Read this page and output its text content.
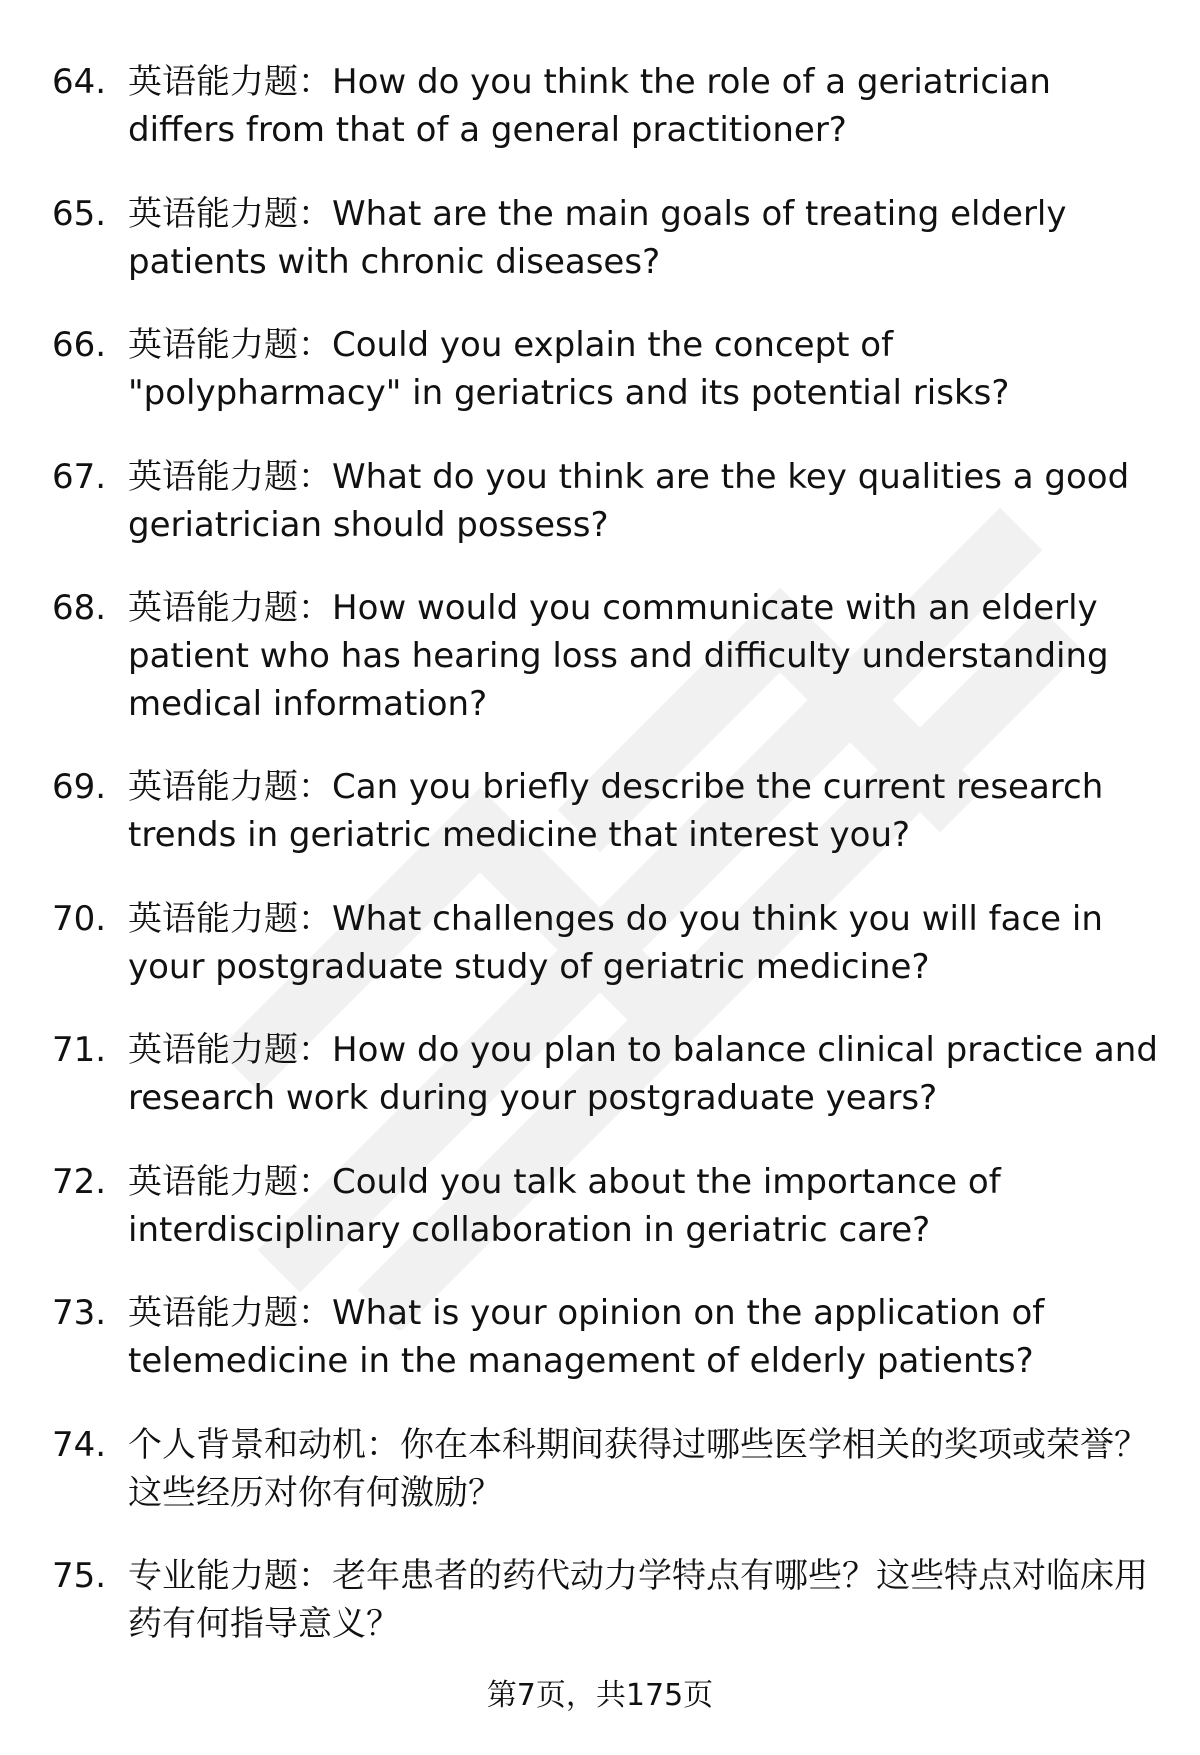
64. 英语能力题：How do you think the role of a geriatrician differs from that of a general practitioner?
65. 英语能力题：What are the main goals of treating elderly patients with chronic diseases?
66. 英语能力题：Could you explain the concept of "polypharmacy" in geriatrics and its potential risks?
67. 英语能力题：What do you think are the key qualities a good geriatrician should possess?
68. 英语能力题：How would you communicate with an elderly patient who has hearing loss and difficulty understanding medical information?
69. 英语能力题：Can you briefly describe the current research trends in geriatric medicine that interest you?
70. 英语能力题：What challenges do you think you will face in your postgraduate study of geriatric medicine?
71. 英语能力题：How do you plan to balance clinical practice and research work during your postgraduate years?
72. 英语能力题：Could you talk about the importance of interdisciplinary collaboration in geriatric care?
73. 英语能力题：What is your opinion on the application of telemedicine in the management of elderly patients?
74. 个人背景和动机：你在本科期间获得过哪些医学相关的奖项或荣誉？这些经历对你有何激励？
75. 专业能力题：老年患者的药代动力学特点有哪些？这些特点对临床用药有何指导意义？
第7页，共175页
